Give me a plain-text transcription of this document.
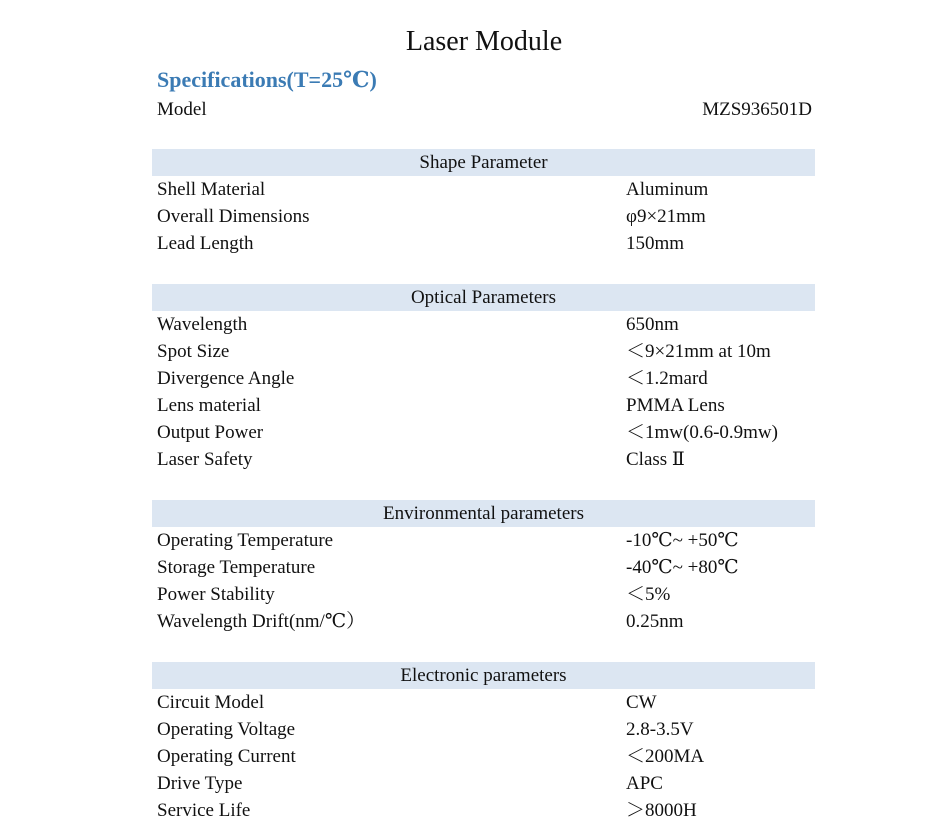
Laser Module
Specifications(T=25℃)
Model	MZS936501D
Shape Parameter
Shell Material	Aluminum
Overall Dimensions	φ9×21mm
Lead Length	150mm
Optical Parameters
Wavelength	650nm
Spot Size	＜9×21mm at 10m
Divergence Angle	＜1.2mard
Lens material	PMMA Lens
Output Power	＜1mw(0.6-0.9mw)
Laser Safety	Class Ⅱ
Environmental parameters
Operating Temperature	-10℃~ +50℃
Storage Temperature	-40℃~ +80℃
Power Stability	＜5%
Wavelength Drift(nm/℃）	0.25nm
Electronic parameters
Circuit Model	CW
Operating Voltage	2.8-3.5V
Operating Current	＜200MA
Drive Type	APC
Service Life	＞8000H
